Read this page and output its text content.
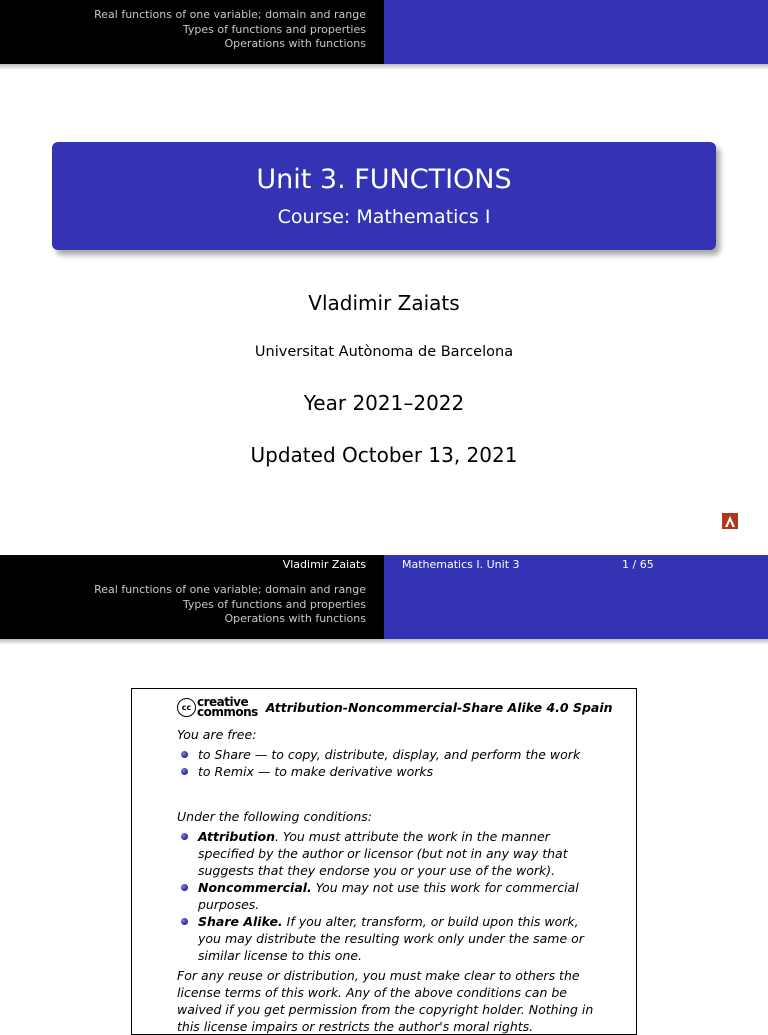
Real functions of one variable; domain and range
Types of functions and properties
Operations with functions
Unit 3. FUNCTIONS
Course: Mathematics I
Vladimir Zaiats
Universitat Autònoma de Barcelona
Year 2021–2022
Updated October 13, 2021
Vladimir Zaiats	Mathematics I. Unit 3	1 / 65
Real functions of one variable; domain and range
Types of functions and properties
Operations with functions
cc creative
commons Attribution-Noncommercial-Share Alike 4.0 Spain

You are free:

to Share — to copy, distribute, display, and perform the work
to Remix — to make derivative works

Under the following conditions:

Attribution. You must attribute the work in the manner specified by the author or licensor (but not in any way that suggests that they endorse you or your use of the work).
Noncommercial. You may not use this work for commercial purposes.
Share Alike. If you alter, transform, or build upon this work, you may distribute the resulting work only under the same or similar license to this one.

For any reuse or distribution, you must make clear to others the license terms of this work. Any of the above conditions can be waived if you get permission from the copyright holder. Nothing in this license impairs or restricts the author's moral rights.
